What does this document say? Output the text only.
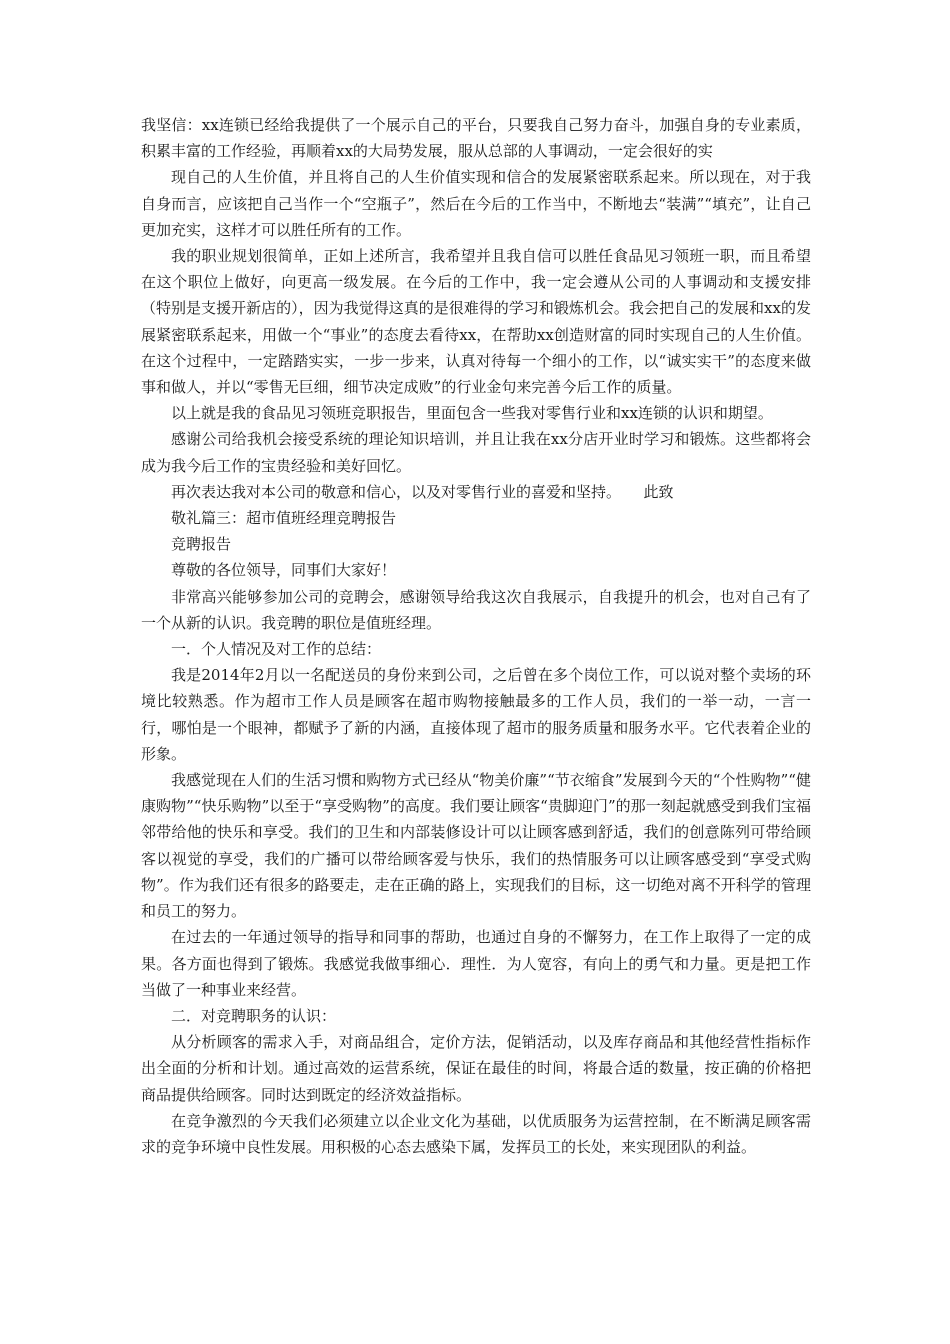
我坚信：xx连锁已经给我提供了一个展示自己的平台，只要我自己努力奋斗，加强自身的专业素质，积累丰富的工作经验，再顺着xx的大局势发展，服从总部的人事调动，一定会很好的实

现自己的人生价值，并且将自己的人生价值实现和信合的发展紧密联系起来。所以现在，对于我自身而言，应该把自己当作一个“空瓶子”，然后在今后的工作当中，不断地去“装满”“填充”，让自己更加充实，这样才可以胜任所有的工作。

我的职业规划很简单，正如上述所言，我希望并且我自信可以胜任食品见习领班一职，而且希望在这个职位上做好，向更高一级发展。在今后的工作中，我一定会遵从公司的人事调动和支援安排（特别是支援开新店的），因为我觉得这真的是很难得的学习和锻炼机会。我会把自己的发展和xx的发展紧密联系起来，用做一个“事业”的态度去看待xx，在帮助xx创造财富的同时实现自己的人生价值。在这个过程中，一定踏踏实实，一步一步来，认真对待每一个细小的工作，以“诚实实干”的态度来做事和做人，并以“零售无巨细，细节决定成败”的行业金句来完善今后工作的质量。

以上就是我的食品见习领班竞职报告，里面包含一些我对零售行业和xx连锁的认识和期望。

感谢公司给我机会接受系统的理论知识培训，并且让我在xx分店开业时学习和锻炼。这些都将会成为我今后工作的宝贵经验和美好回忆。

再次表达我对本公司的敬意和信心，以及对零售行业的喜爱和坚持。　　此致

敬礼篇三：超市值班经理竞聘报告

竞聘报告

尊敬的各位领导，同事们大家好！

非常高兴能够参加公司的竞聘会，感谢领导给我这次自我展示，自我提升的机会，也对自己有了一个从新的认识。我竞聘的职位是值班经理。

一．个人情况及对工作的总结：

我是2014年2月以一名配送员的身份来到公司，之后曾在多个岗位工作，可以说对整个卖场的环境比较熟悉。作为超市工作人员是顾客在超市购物接触最多的工作人员，我们的一举一动，一言一行，哪怕是一个眼神，都赋予了新的内涵，直接体现了超市的服务质量和服务水平。它代表着企业的形象。

我感觉现在人们的生活习惯和购物方式已经从“物美价廉”“节衣缩食”发展到今天的“个性购物”“健康购物”“快乐购物”以至于“享受购物”的高度。我们要让顾客“贵脚迎门”的那一刻起就感受到我们宝福邻带给他的快乐和享受。我们的卫生和内部装修设计可以让顾客感到舒适，我们的创意陈列可带给顾客以视觉的享受，我们的广播可以带给顾客爱与快乐，我们的热情服务可以让顾客感受到“享受式购物”。作为我们还有很多的路要走，走在正确的路上，实现我们的目标，这一切绝对离不开科学的管理和员工的努力。

在过去的一年通过领导的指导和同事的帮助，也通过自身的不懈努力，在工作上取得了一定的成果。各方面也得到了锻炼。我感觉我做事细心．理性．为人宽容，有向上的勇气和力量。更是把工作当做了一种事业来经营。

二．对竞聘职务的认识：

从分析顾客的需求入手，对商品组合，定价方法，促销活动，以及库存商品和其他经营性指标作出全面的分析和计划。通过高效的运营系统，保证在最佳的时间，将最合适的数量，按正确的价格把商品提供给顾客。同时达到既定的经济效益指标。

在竞争激烈的今天我们必须建立以企业文化为基础，以优质服务为运营控制，在不断满足顾客需求的竞争环境中良性发展。用积极的心态去感染下属，发挥员工的长处，来实现团队的利益。
